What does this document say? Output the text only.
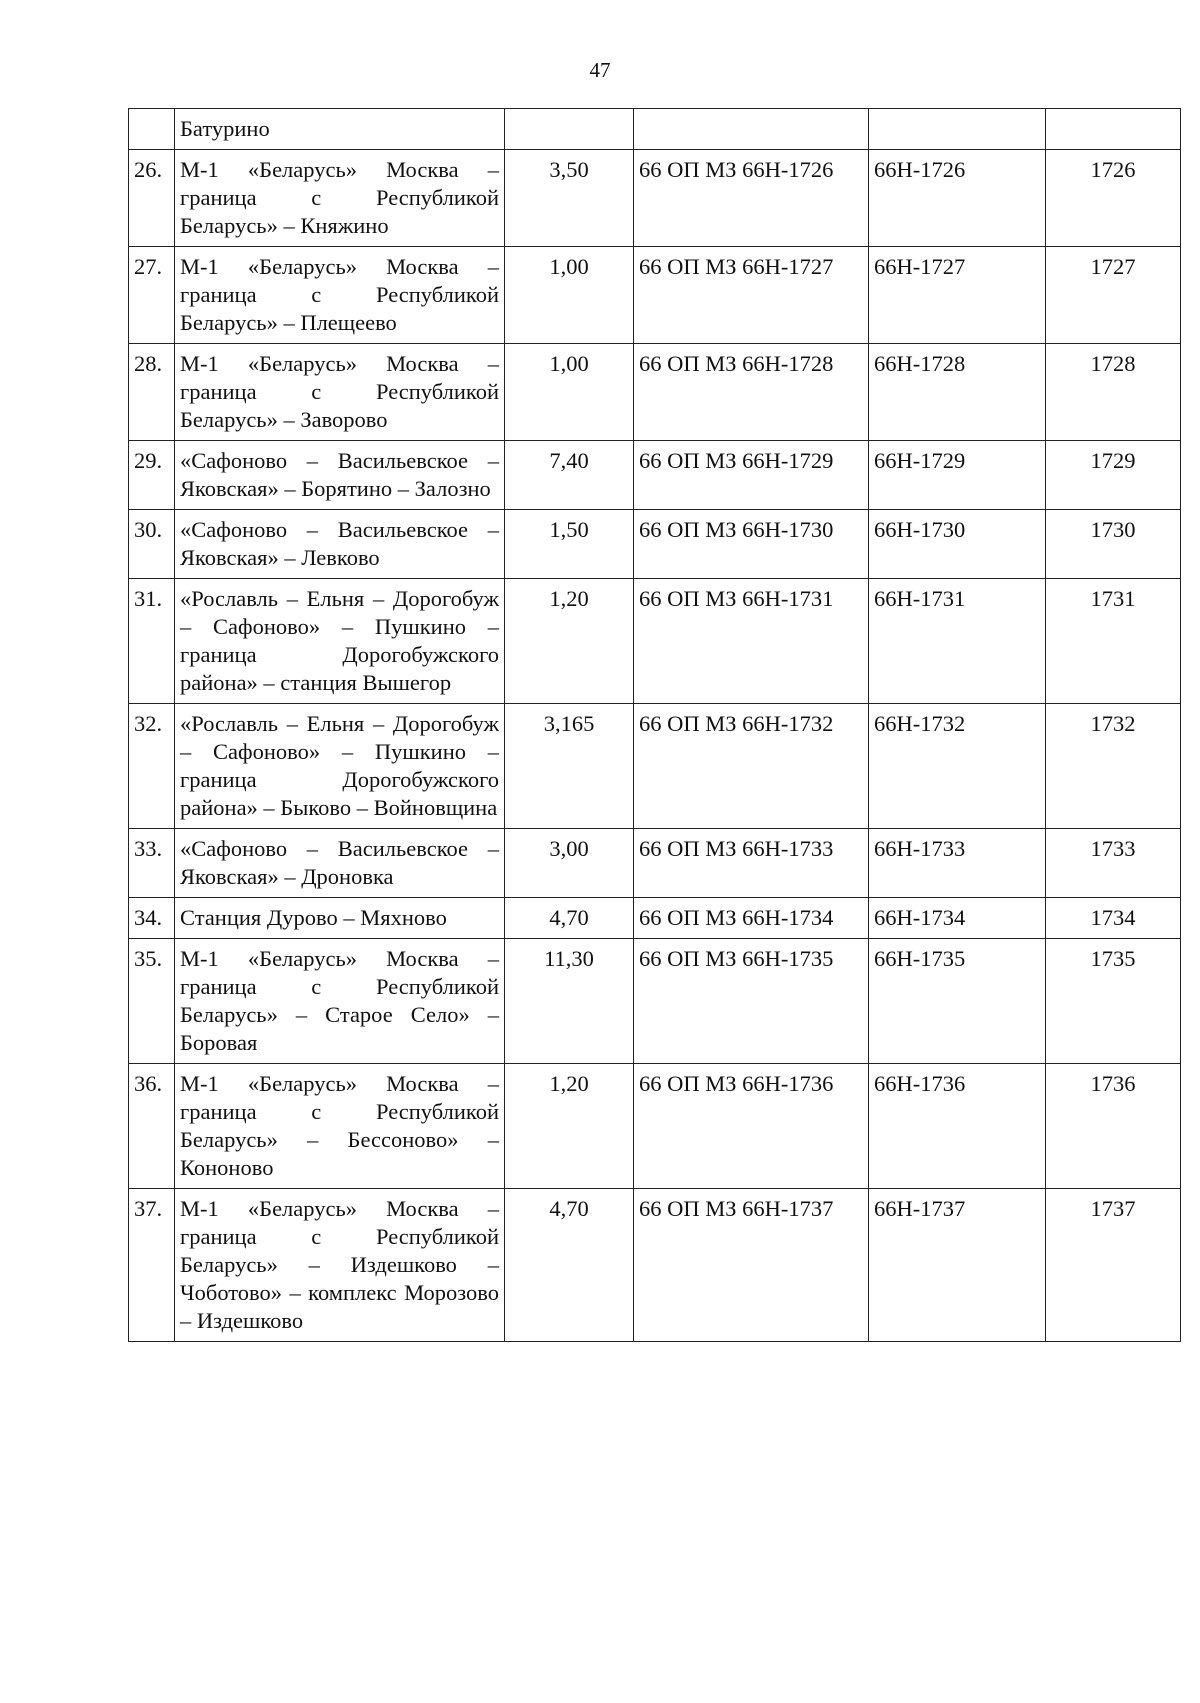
47
	Батурино				
26.	М-1 «Беларусь» Москва – граница с Республикой Беларусь» – Княжино	3,50	66 ОП МЗ 66Н-1726	66Н-1726	1726
27.	М-1 «Беларусь» Москва – граница с Республикой Беларусь» – Плещеево	1,00	66 ОП МЗ 66Н-1727	66Н-1727	1727
28.	М-1 «Беларусь» Москва – граница с Республикой Беларусь» – Заворово	1,00	66 ОП МЗ 66Н-1728	66Н-1728	1728
29.	«Сафоново – Васильевское – Яковская» – Борятино – Залозно	7,40	66 ОП МЗ 66Н-1729	66Н-1729	1729
30.	«Сафоново – Васильевское – Яковская» – Левково	1,50	66 ОП МЗ 66Н-1730	66Н-1730	1730
31.	«Рославль – Ельня – Дорогобуж – Сафоново» – Пушкино – граница Дорогобужского района» – станция Вышегор	1,20	66 ОП МЗ 66Н-1731	66Н-1731	1731
32.	«Рославль – Ельня – Дорогобуж – Сафоново» – Пушкино – граница Дорогобужского района» – Быково – Войновщина	3,165	66 ОП МЗ 66Н-1732	66Н-1732	1732
33.	«Сафоново – Васильевское – Яковская» – Дроновка	3,00	66 ОП МЗ 66Н-1733	66Н-1733	1733
34.	Станция Дурово – Мяхново	4,70	66 ОП МЗ 66Н-1734	66Н-1734	1734
35.	М-1 «Беларусь» Москва – граница с Республикой Беларусь» – Старое Село» – Боровая	11,30	66 ОП МЗ 66Н-1735	66Н-1735	1735
36.	М-1 «Беларусь» Москва – граница с Республикой Беларусь» – Бессоново» – Кононово	1,20	66 ОП МЗ 66Н-1736	66Н-1736	1736
37.	М-1 «Беларусь» Москва – граница с Республикой Беларусь» – Издешково – Чоботово» – комплекс Морозово – Издешково	4,70	66 ОП МЗ 66Н-1737	66Н-1737	1737
